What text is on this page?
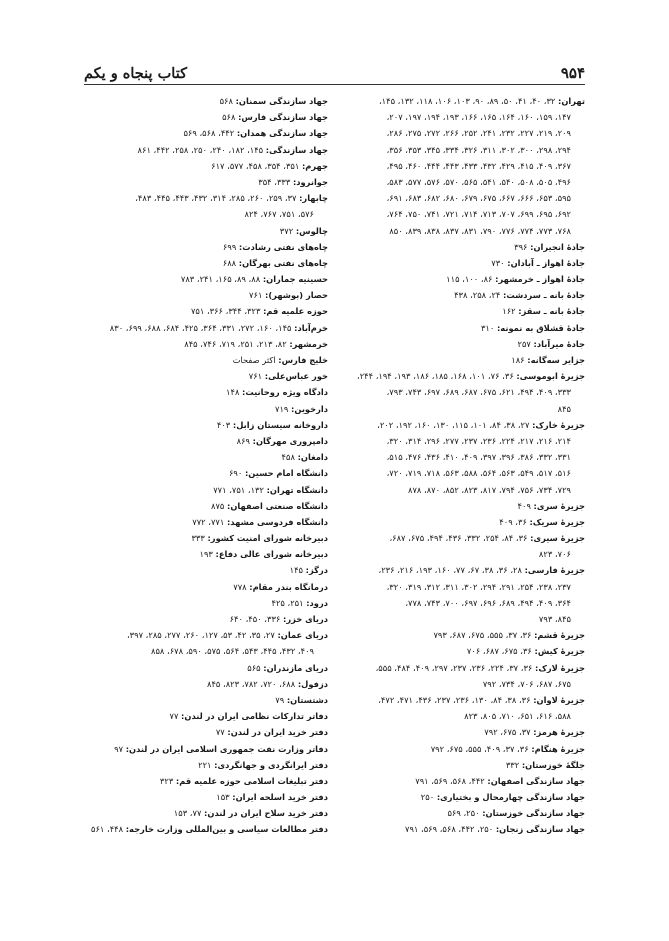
۹۵۴
کتاب پنجاه و یکم
تهران: ۳۲، ۴۰، ۴۱، ۵۰، ۸۹، ۹۰، ۱۰۳، ۱۰۶، ۱۱۸، ۱۳۲، ۱۴۵،
۱۴۷، ۱۵۹، ۱۶۰، ۱۶۴، ۱۶۵، ۱۶۶، ۱۹۳، ۱۹۴، ۱۹۷، ۲۰۷،
۲۰۹، ۲۱۹، ۲۲۷، ۲۳۲، ۲۴۱، ۲۵۲، ۲۶۶، ۲۷۲، ۲۷۵، ۲۸۶،
۲۹۴، ۲۹۸، ۳۰۰، ۳۰۲، ۳۱۱، ۳۲۶، ۳۳۴، ۳۴۵، ۳۵۳، ۳۵۶،
۳۶۷، ۴۰۹، ۴۱۵، ۴۲۹، ۴۳۲، ۴۳۳، ۴۴۳، ۴۴۴، ۴۶۰، ۴۹۵،
۴۹۶، ۵۰۵، ۵۰۸، ۵۴۰، ۵۴۱، ۵۶۵، ۵۷۰، ۵۷۶، ۵۷۷، ۵۸۳،
۵۹۵، ۶۵۳، ۶۶۶، ۶۶۷، ۶۷۵، ۶۷۹، ۶۸۰، ۶۸۲، ۶۸۳، ۶۹۱،
۶۹۲، ۶۹۵، ۶۹۹، ۷۰۷، ۷۱۳، ۷۱۴، ۷۲۱، ۷۴۱، ۷۵۰، ۷۶۴،
۷۶۸، ۷۷۳، ۷۷۴، ۷۷۶، ۷۹۰، ۸۳۱، ۸۳۷، ۸۳۸، ۸۳۹، ۸۵۰
جادهٔ انجیران: ۳۹۶
جادهٔ اهواز ـ آبادان: ۷۳۰
جادهٔ اهواز ـ خرمشهر: ۸۶، ۱۰۰، ۱۱۵
جادهٔ بانه ـ سردشت: ۲۴، ۲۵۸، ۴۳۸
جادهٔ بانه ـ سقز: ۱۶۲
جادهٔ قشلاق به نمونه: ۳۱۰
جادهٔ میرآباد: ۲۵۷
جزایر سه‌گانه: ۱۸۶
جزیرهٔ ابوموسی: ۳۶، ۷۶، ۱۰۱، ۱۶۸، ۱۸۵، ۱۸۶، ۱۹۳، ۱۹۴، ۲۴۴،
۳۳۳، ۴۰۹، ۴۹۴، ۶۲۱، ۶۷۵، ۶۸۷، ۶۸۹، ۶۹۷، ۷۴۳، ۷۹۳،
۸۴۵
جزیرهٔ خارک: ۲۷، ۳۸، ۸۴، ۱۰۱، ۱۱۵، ۱۳۰، ۱۶۰، ۱۹۲، ۲۰۲،
۲۱۴، ۲۱۶، ۲۱۷، ۲۲۴، ۲۳۶، ۲۳۷، ۲۷۷، ۲۹۶، ۳۱۴، ۳۲۰،
۳۳۱، ۳۳۲، ۳۸۶، ۳۹۶، ۳۹۷، ۴۰۹، ۴۱۰، ۴۳۶، ۴۷۶، ۵۱۵،
۵۱۶، ۵۱۷، ۵۴۹، ۵۶۳، ۵۶۴، ۵۸۸، ۵۶۳، ۷۱۸، ۷۱۹، ۷۲۰،
۷۲۹، ۷۳۴، ۷۵۶، ۷۹۴، ۸۱۷، ۸۲۳، ۸۵۲، ۸۷۰، ۸۷۸
جزیرهٔ سری: ۴۰۹
جزیرهٔ سریک: ۳۶، ۴۰۹
جزیرهٔ سیری: ۳۶، ۸۴، ۲۵۴، ۳۳۲، ۴۳۶، ۴۹۴، ۶۷۵، ۶۸۷،
۷۰۶، ۸۲۳
جزیرهٔ فارسی: ۲۸، ۳۶، ۳۸، ۶۷، ۷۷، ۱۶۰، ۱۹۳، ۲۱۶، ۲۳۶،
۲۳۷، ۲۳۸، ۲۵۴، ۲۹۱، ۲۹۴، ۳۰۲، ۳۱۱، ۳۱۲، ۳۱۹، ۳۲۰،
۳۶۴، ۴۰۹، ۴۹۴، ۶۸۹، ۶۹۶، ۶۹۷، ۷۰۰، ۷۴۳، ۷۷۸،
۸۴۵، ۷۹۳
جزیرهٔ قشم: ۳۶، ۳۷، ۵۵۵، ۶۷۵، ۶۸۷، ۷۹۳
جزیرهٔ کیش: ۳۶، ۶۷۵، ۶۸۷، ۷۰۶
جزیرهٔ لارک: ۳۶، ۳۷، ۲۲۴، ۲۳۶، ۲۳۷، ۲۹۷، ۴۰۹، ۴۸۴، ۵۵۵،
۶۷۵، ۶۸۷، ۷۰۶، ۷۳۴، ۷۹۲
جزیرهٔ لاوان: ۳۶، ۳۸، ۸۴، ۱۳۰، ۲۳۶، ۲۳۷، ۴۳۶، ۴۷۱، ۴۷۲،
۵۸۸، ۶۱۶، ۶۵۱، ۷۱۰، ۸۰۵، ۸۲۳
جزیرهٔ هرمز: ۳۷، ۶۷۵، ۷۹۲
جزیرهٔ هنگام: ۳۶، ۳۷، ۴۰۹، ۵۵۵، ۶۷۵، ۷۹۲
جلگهٔ خوزستان: ۳۳۲
جهاد سازندگی اصفهان: ۴۴۲، ۵۶۸، ۵۶۹، ۷۹۱
جهاد سازندگی چهارمحال و بختیاری: ۲۵۰
جهاد سازندگی خوزستان: ۲۵۰، ۵۶۹
جهاد سازندگی زنجان: ۲۵۰، ۴۴۲، ۵۶۸، ۵۶۹، ۷۹۱
جهاد سازندگی سمنان: ۵۶۸
جهاد سازندگی فارس: ۵۶۸
جهاد سازندگی همدان: ۴۴۲، ۵۶۸، ۵۶۹
جهاد سازندگی: ۱۴۵، ۱۸۲، ۲۴۰، ۲۵۰، ۲۵۸، ۴۴۲، ۸۶۱
جهرم: ۳۵۱، ۳۵۴، ۴۵۸، ۵۷۷، ۶۱۷
جوانرود: ۳۳۳، ۳۵۴
چابهار: ۳۷، ۲۵۹، ۲۶۰، ۲۸۵، ۳۱۴، ۴۳۲، ۴۴۳، ۴۴۵، ۴۸۳،
۵۷۶، ۷۵۱، ۷۶۷، ۸۲۴
چالوس: ۳۷۲
چاه‌های نفتی رشادت: ۶۹۹
چاه‌های نفتی بهرگان: ۶۸۸
حسینیه جماران: ۸۸، ۸۹، ۱۶۵، ۲۴۱، ۷۸۳
حصار (بوشهر): ۷۶۱
حوزه علمیه قم: ۳۲۳، ۳۴۴، ۳۶۶، ۷۵۱
خرم‌آباد: ۱۴۵، ۱۶۰، ۲۷۲، ۳۳۱، ۳۶۴، ۴۲۵، ۶۸۴، ۶۸۸، ۶۹۹، ۸۳۰
خرمشهر: ۸۲، ۲۱۳، ۲۵۱، ۷۱۹، ۷۴۶، ۸۴۵
خلیج فارس: اکثر صفحات
خور عباس‌علی: ۷۶۱
دادگاه ویژه روحانیت: ۱۴۸
دارخوین: ۷۱۹
داروخانه سیستان زابل: ۴۰۳
دامپروری مهرگان: ۸۶۹
دامغان: ۴۵۸
دانشگاه امام حسین: ۶۹۰
دانشگاه تهران: ۱۳۲، ۷۵۱، ۷۷۱
دانشگاه صنعتی اصفهان: ۸۷۵
دانشگاه فردوسی مشهد: ۷۷۱، ۷۷۲
دبیرخانه شورای امنیت کشور: ۳۳۳
دبیرخانه شورای عالی دفاع: ۱۹۳
درگز: ۱۴۵
درمانگاه بندر مقام: ۷۷۸
درود: ۲۵۱، ۴۲۵
دریای خزر: ۳۳۶، ۴۵۰، ۶۴۰
دریای عمان: ۲۷، ۳۵، ۴۲، ۵۳، ۱۲۷، ۲۶۰، ۲۷۷، ۲۸۵، ۳۹۷،
۴۰۹، ۴۳۲، ۴۴۵، ۵۴۳، ۵۶۴، ۵۷۵، ۵۹۰، ۶۷۸، ۸۵۸
دریای مازندران: ۵۶۵
دزفول: ۶۸۸، ۷۲۰، ۷۸۲، ۸۲۳، ۸۴۵
دشتستان: ۷۹
دفاتر تدارکات نظامی ایران در لندن: ۷۷
دفتر خرید ایران در لندن: ۷۷
دفاتر وزارت نفت جمهوری اسلامی ایران در لندن: ۹۷
دفتر ایرانگردی و جهانگردی: ۲۲۱
دفتر تبلیغات اسلامی حوزه علمیه قم: ۳۲۳
دفتر خرید اسلحه ایران: ۱۵۳
دفتر خرید سلاح ایران در لندن: ۷۷، ۱۵۳
دفتر مطالعات سیاسی و بین‌المللی وزارت خارجه: ۴۴۸، ۵۶۱
